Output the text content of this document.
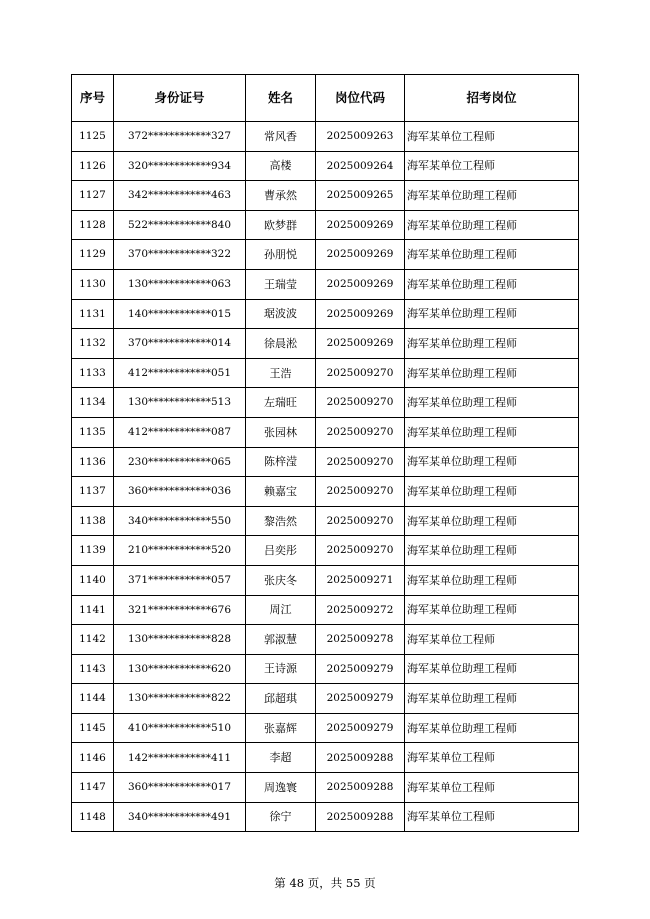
序号	身份证号	姓名	岗位代码	招考岗位
1125	372************327	常风香	2025009263	海军某单位工程师
1126	320************934	高楼	2025009264	海军某单位工程师
1127	342************463	曹承然	2025009265	海军某单位助理工程师
1128	522************840	欧梦群	2025009269	海军某单位助理工程师
1129	370************322	孙朋悦	2025009269	海军某单位助理工程师
1130	130************063	王瑞莹	2025009269	海军某单位助理工程师
1131	140************015	琚波波	2025009269	海军某单位助理工程师
1132	370************014	徐晨淞	2025009269	海军某单位助理工程师
1133	412************051	王浩	2025009270	海军某单位助理工程师
1134	130************513	左瑞旺	2025009270	海军某单位助理工程师
1135	412************087	张园林	2025009270	海军某单位助理工程师
1136	230************065	陈梓滢	2025009270	海军某单位助理工程师
1137	360************036	赖嘉宝	2025009270	海军某单位助理工程师
1138	340************550	黎浩然	2025009270	海军某单位助理工程师
1139	210************520	吕奕彤	2025009270	海军某单位助理工程师
1140	371************057	张庆冬	2025009271	海军某单位助理工程师
1141	321************676	周江	2025009272	海军某单位助理工程师
1142	130************828	郭淑慧	2025009278	海军某单位工程师
1143	130************620	王诗源	2025009279	海军某单位助理工程师
1144	130************822	邱超琪	2025009279	海军某单位助理工程师
1145	410************510	张嘉辉	2025009279	海军某单位助理工程师
1146	142************411	李超	2025009288	海军某单位工程师
1147	360************017	周逸寰	2025009288	海军某单位工程师
1148	340************491	徐宁	2025009288	海军某单位工程师
第 48 页，共 55 页
